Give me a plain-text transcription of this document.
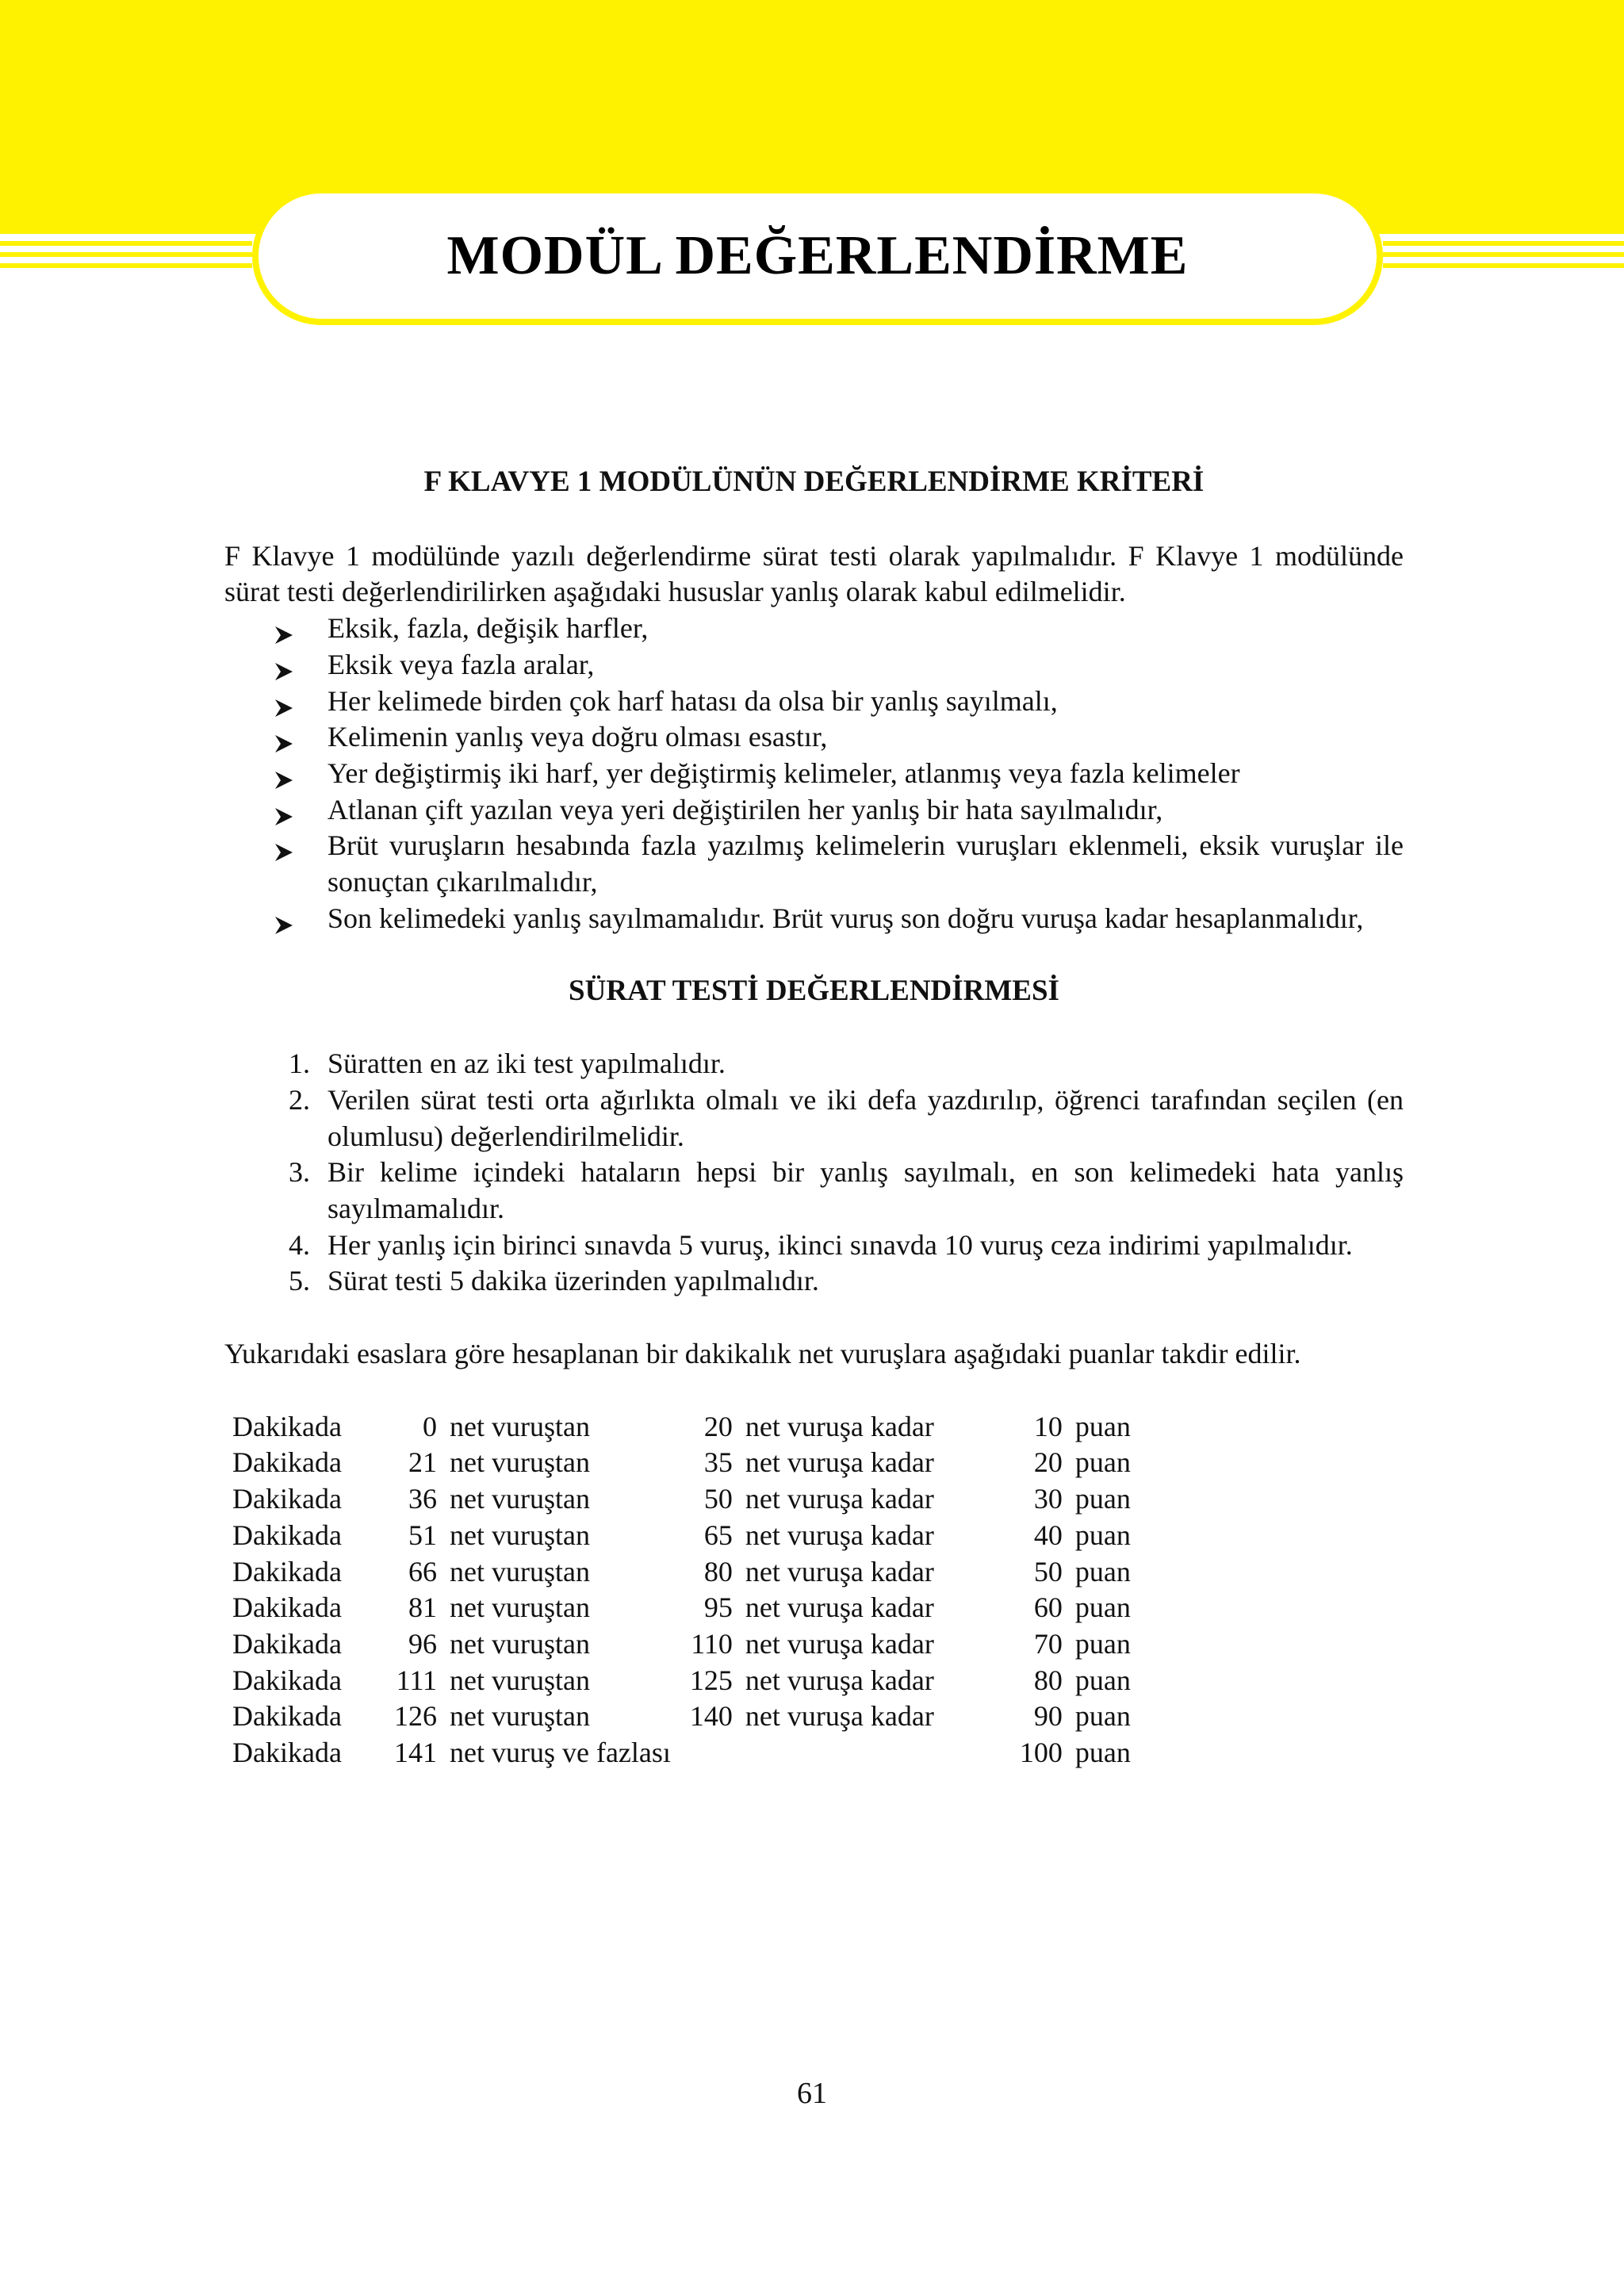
MODÜL DEĞERLENDİRME

F KLAVYE 1 MODÜLÜNÜN DEĞERLENDİRME KRİTERİ

F Klavye 1 modülünde yazılı değerlendirme sürat testi olarak yapılmalıdır. F Klavye 1 modülünde sürat testi değerlendirilirken aşağıdaki hususlar yanlış olarak kabul edilmelidir.

Eksik, fazla, değişik harfler,
Eksik veya fazla aralar,
Her kelimede birden çok harf hatası da olsa bir yanlış sayılmalı,
Kelimenin yanlış veya doğru olması esastır,
Yer değiştirmiş iki harf, yer değiştirmiş kelimeler, atlanmış veya fazla kelimeler
Atlanan çift yazılan veya yeri değiştirilen her yanlış bir hata sayılmalıdır,
Brüt vuruşların hesabında fazla yazılmış kelimelerin vuruşları eklenmeli, eksik vuruşlar ile sonuçtan çıkarılmalıdır,
Son kelimedeki yanlış sayılmamalıdır. Brüt vuruş son doğru vuruşa kadar hesaplanmalıdır,

SÜRAT TESTİ DEĞERLENDİRMESİ

1. Süratten en az iki test yapılmalıdır.
2. Verilen sürat testi orta ağırlıkta olmalı ve iki defa yazdırılıp, öğrenci tarafından seçilen (en olumlusu) değerlendirilmelidir.
3. Bir kelime içindeki hataların hepsi bir yanlış sayılmalı, en son kelimedeki hata yanlış sayılmamalıdır.
4. Her yanlış için birinci sınavda 5 vuruş, ikinci sınavda 10 vuruş ceza indirimi yapılmalıdır.
5. Sürat testi 5 dakika üzerinden yapılmalıdır.

Yukarıdaki esaslara göre hesaplanan bir dakikalık net vuruşlara aşağıdaki puanlar takdir edilir.

Dakikada	0	net vuruştan	20	net vuruşa kadar	10	puan
Dakikada	21	net vuruştan	35	net vuruşa kadar	20	puan
Dakikada	36	net vuruştan	50	net vuruşa kadar	30	puan
Dakikada	51	net vuruştan	65	net vuruşa kadar	40	puan
Dakikada	66	net vuruştan	80	net vuruşa kadar	50	puan
Dakikada	81	net vuruştan	95	net vuruşa kadar	60	puan
Dakikada	96	net vuruştan	110	net vuruşa kadar	70	puan
Dakikada	111	net vuruştan	125	net vuruşa kadar	80	puan
Dakikada	126	net vuruştan	140	net vuruşa kadar	90	puan
Dakikada	141	net vuruş ve fazlası			100	puan
61
